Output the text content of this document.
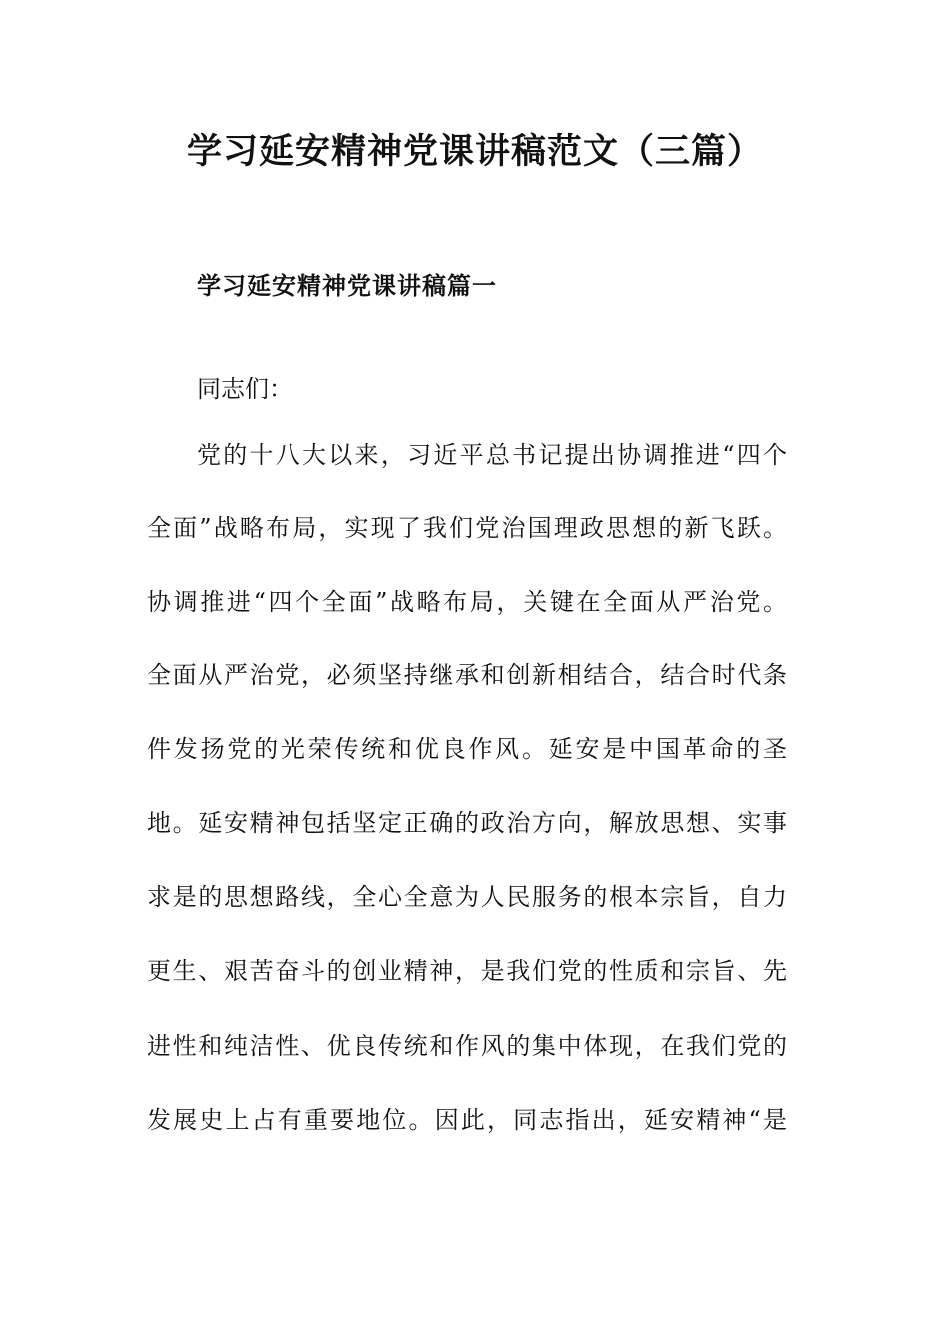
学习延安精神党课讲稿范文（三篇）
学习延安精神党课讲稿篇一
同志们：
党的十八大以来，习近平总书记提出协调推进“四个
全面”战略布局，实现了我们党治国理政思想的新飞跃。
协调推进“四个全面”战略布局，关键在全面从严治党。
全面从严治党，必须坚持继承和创新相结合，结合时代条
件发扬党的光荣传统和优良作风。延安是中国革命的圣
地。延安精神包括坚定正确的政治方向，解放思想、实事
求是的思想路线，全心全意为人民服务的根本宗旨，自力
更生、艰苦奋斗的创业精神，是我们党的性质和宗旨、先
进性和纯洁性、优良传统和作风的集中体现，在我们党的
发展史上占有重要地位。因此，同志指出，延安精神“是
